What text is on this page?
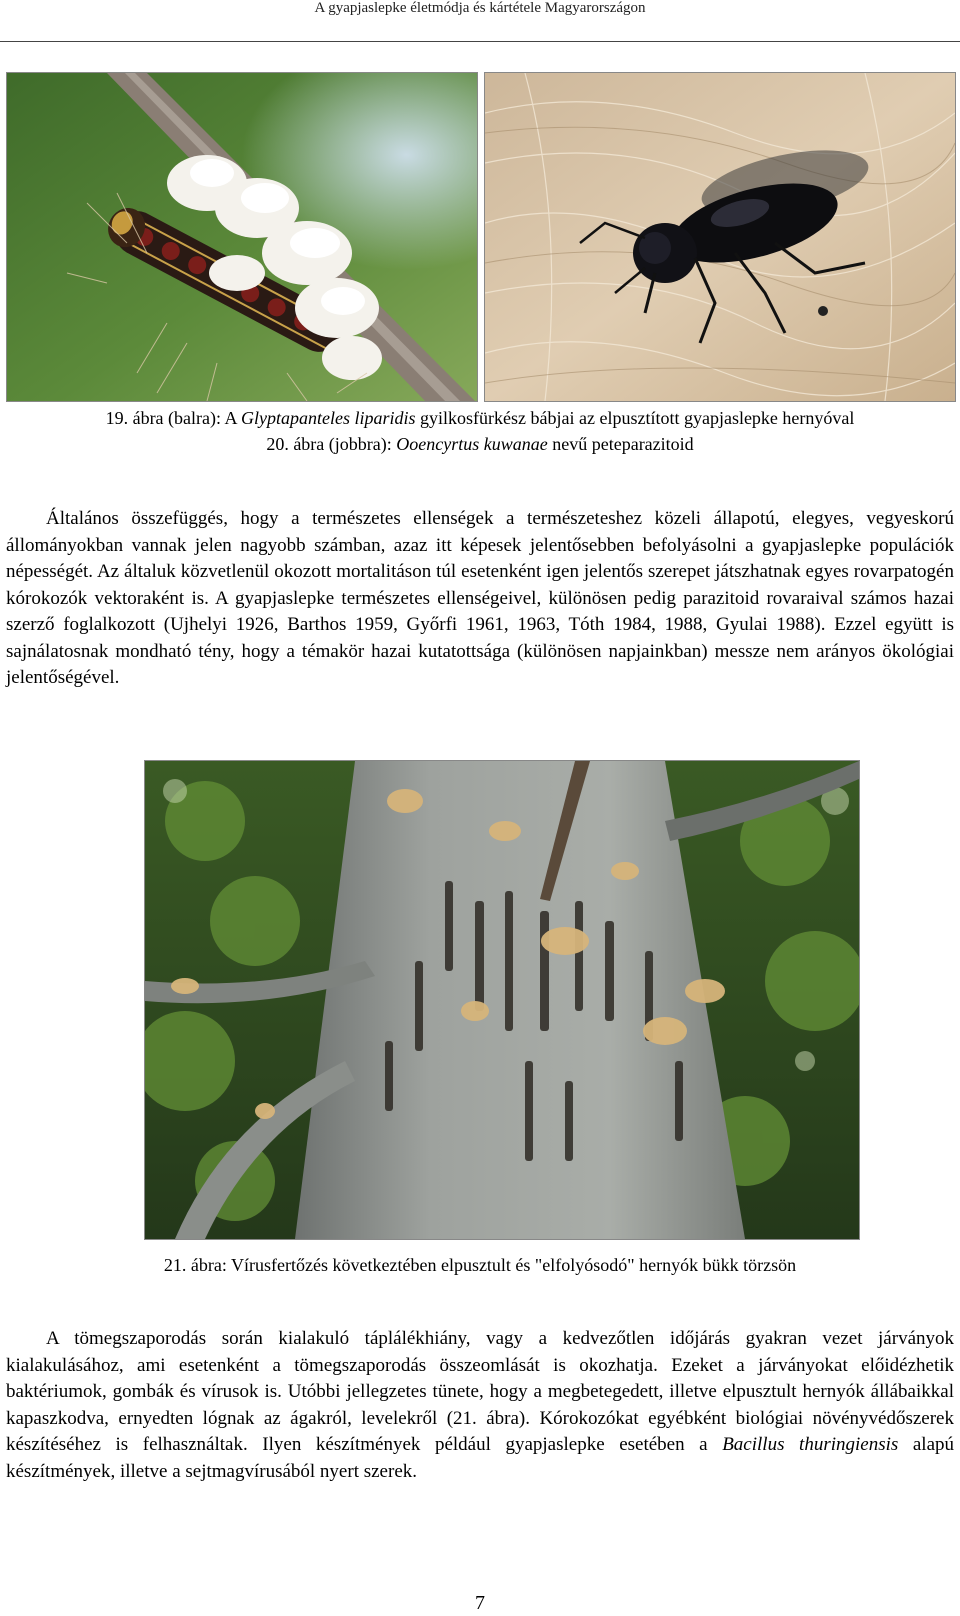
A gyapjaslepke életmódja és kártétele Magyarországon
19. ábra (balra): A Glyptapanteles liparidis gyilkosfürkész bábjai az elpusztított gyapjaslepke hernyóval
20. ábra (jobbra): Ooencyrtus kuwanae nevű peteparazitoid

Általános összefüggés, hogy a természetes ellenségek a természeteshez közeli állapotú, elegyes, vegyeskorú állományokban vannak jelen nagyobb számban, azaz itt képesek jelentősebben befolyásolni a gyapjaslepke populációk népességét. Az általuk közvetlenül okozott mortalitáson túl esetenként igen jelentős szerepet játszhatnak egyes rovarpatogén kórokozók vektoraként is. A gyapjaslepke természetes ellenségeivel, különösen pedig parazitoid rovaraival számos hazai szerző foglalkozott (Ujhelyi 1926, Barthos 1959, Győrfi 1961, 1963, Tóth 1984, 1988, Gyulai 1988). Ezzel együtt is sajnálatosnak mondható tény, hogy a témakör hazai kutatottsága (különösen napjainkban) messze nem arányos ökológiai jelentőségével.

21. ábra: Vírusfertőzés következtében elpusztult és "elfolyósodó" hernyók bükk törzsön

A tömegszaporodás során kialakuló táplálékhiány, vagy a kedvezőtlen időjárás gyakran vezet járványok kialakulásához, ami esetenként a tömegszaporodás összeomlását is okozhatja. Ezeket a járványokat előidézhetik baktériumok, gombák és vírusok is. Utóbbi jellegzetes tünete, hogy a megbetegedett, illetve elpusztult hernyók állábaikkal kapaszkodva, ernyedten lógnak az ágakról, levelekről (21. ábra). Kórokozókat egyébként biológiai növényvédőszerek készítéséhez is felhasználtak. Ilyen készítmények például gyapjaslepke esetében a Bacillus thuringiensis alapú készítmények, illetve a sejtmagvírusából nyert szerek.

7
